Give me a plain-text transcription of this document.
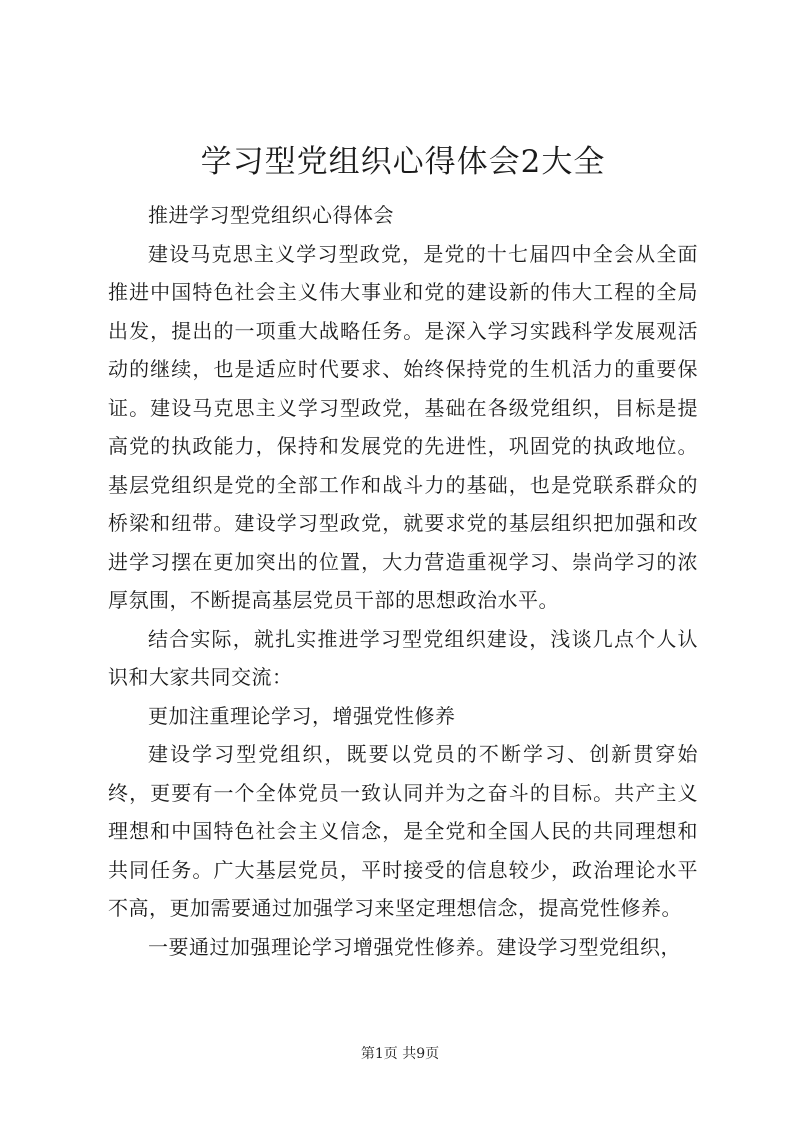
学习型党组织心得体会2大全

推进学习型党组织心得体会

建设马克思主义学习型政党，是党的十七届四中全会从全面推进中国特色社会主义伟大事业和党的建设新的伟大工程的全局出发，提出的一项重大战略任务。是深入学习实践科学发展观活动的继续，也是适应时代要求、始终保持党的生机活力的重要保证。建设马克思主义学习型政党，基础在各级党组织，目标是提高党的执政能力，保持和发展党的先进性，巩固党的执政地位。基层党组织是党的全部工作和战斗力的基础，也是党联系群众的桥梁和纽带。建设学习型政党，就要求党的基层组织把加强和改进学习摆在更加突出的位置，大力营造重视学习、崇尚学习的浓厚氛围，不断提高基层党员干部的思想政治水平。

结合实际，就扎实推进学习型党组织建设，浅谈几点个人认识和大家共同交流：

更加注重理论学习，增强党性修养

建设学习型党组织，既要以党员的不断学习、创新贯穿始终，更要有一个全体党员一致认同并为之奋斗的目标。共产主义理想和中国特色社会主义信念，是全党和全国人民的共同理想和共同任务。广大基层党员，平时接受的信息较少，政治理论水平不高，更加需要通过加强学习来坚定理想信念，提高党性修养。

一要通过加强理论学习增强党性修养。建设学习型党组织，

第1页 共9页
